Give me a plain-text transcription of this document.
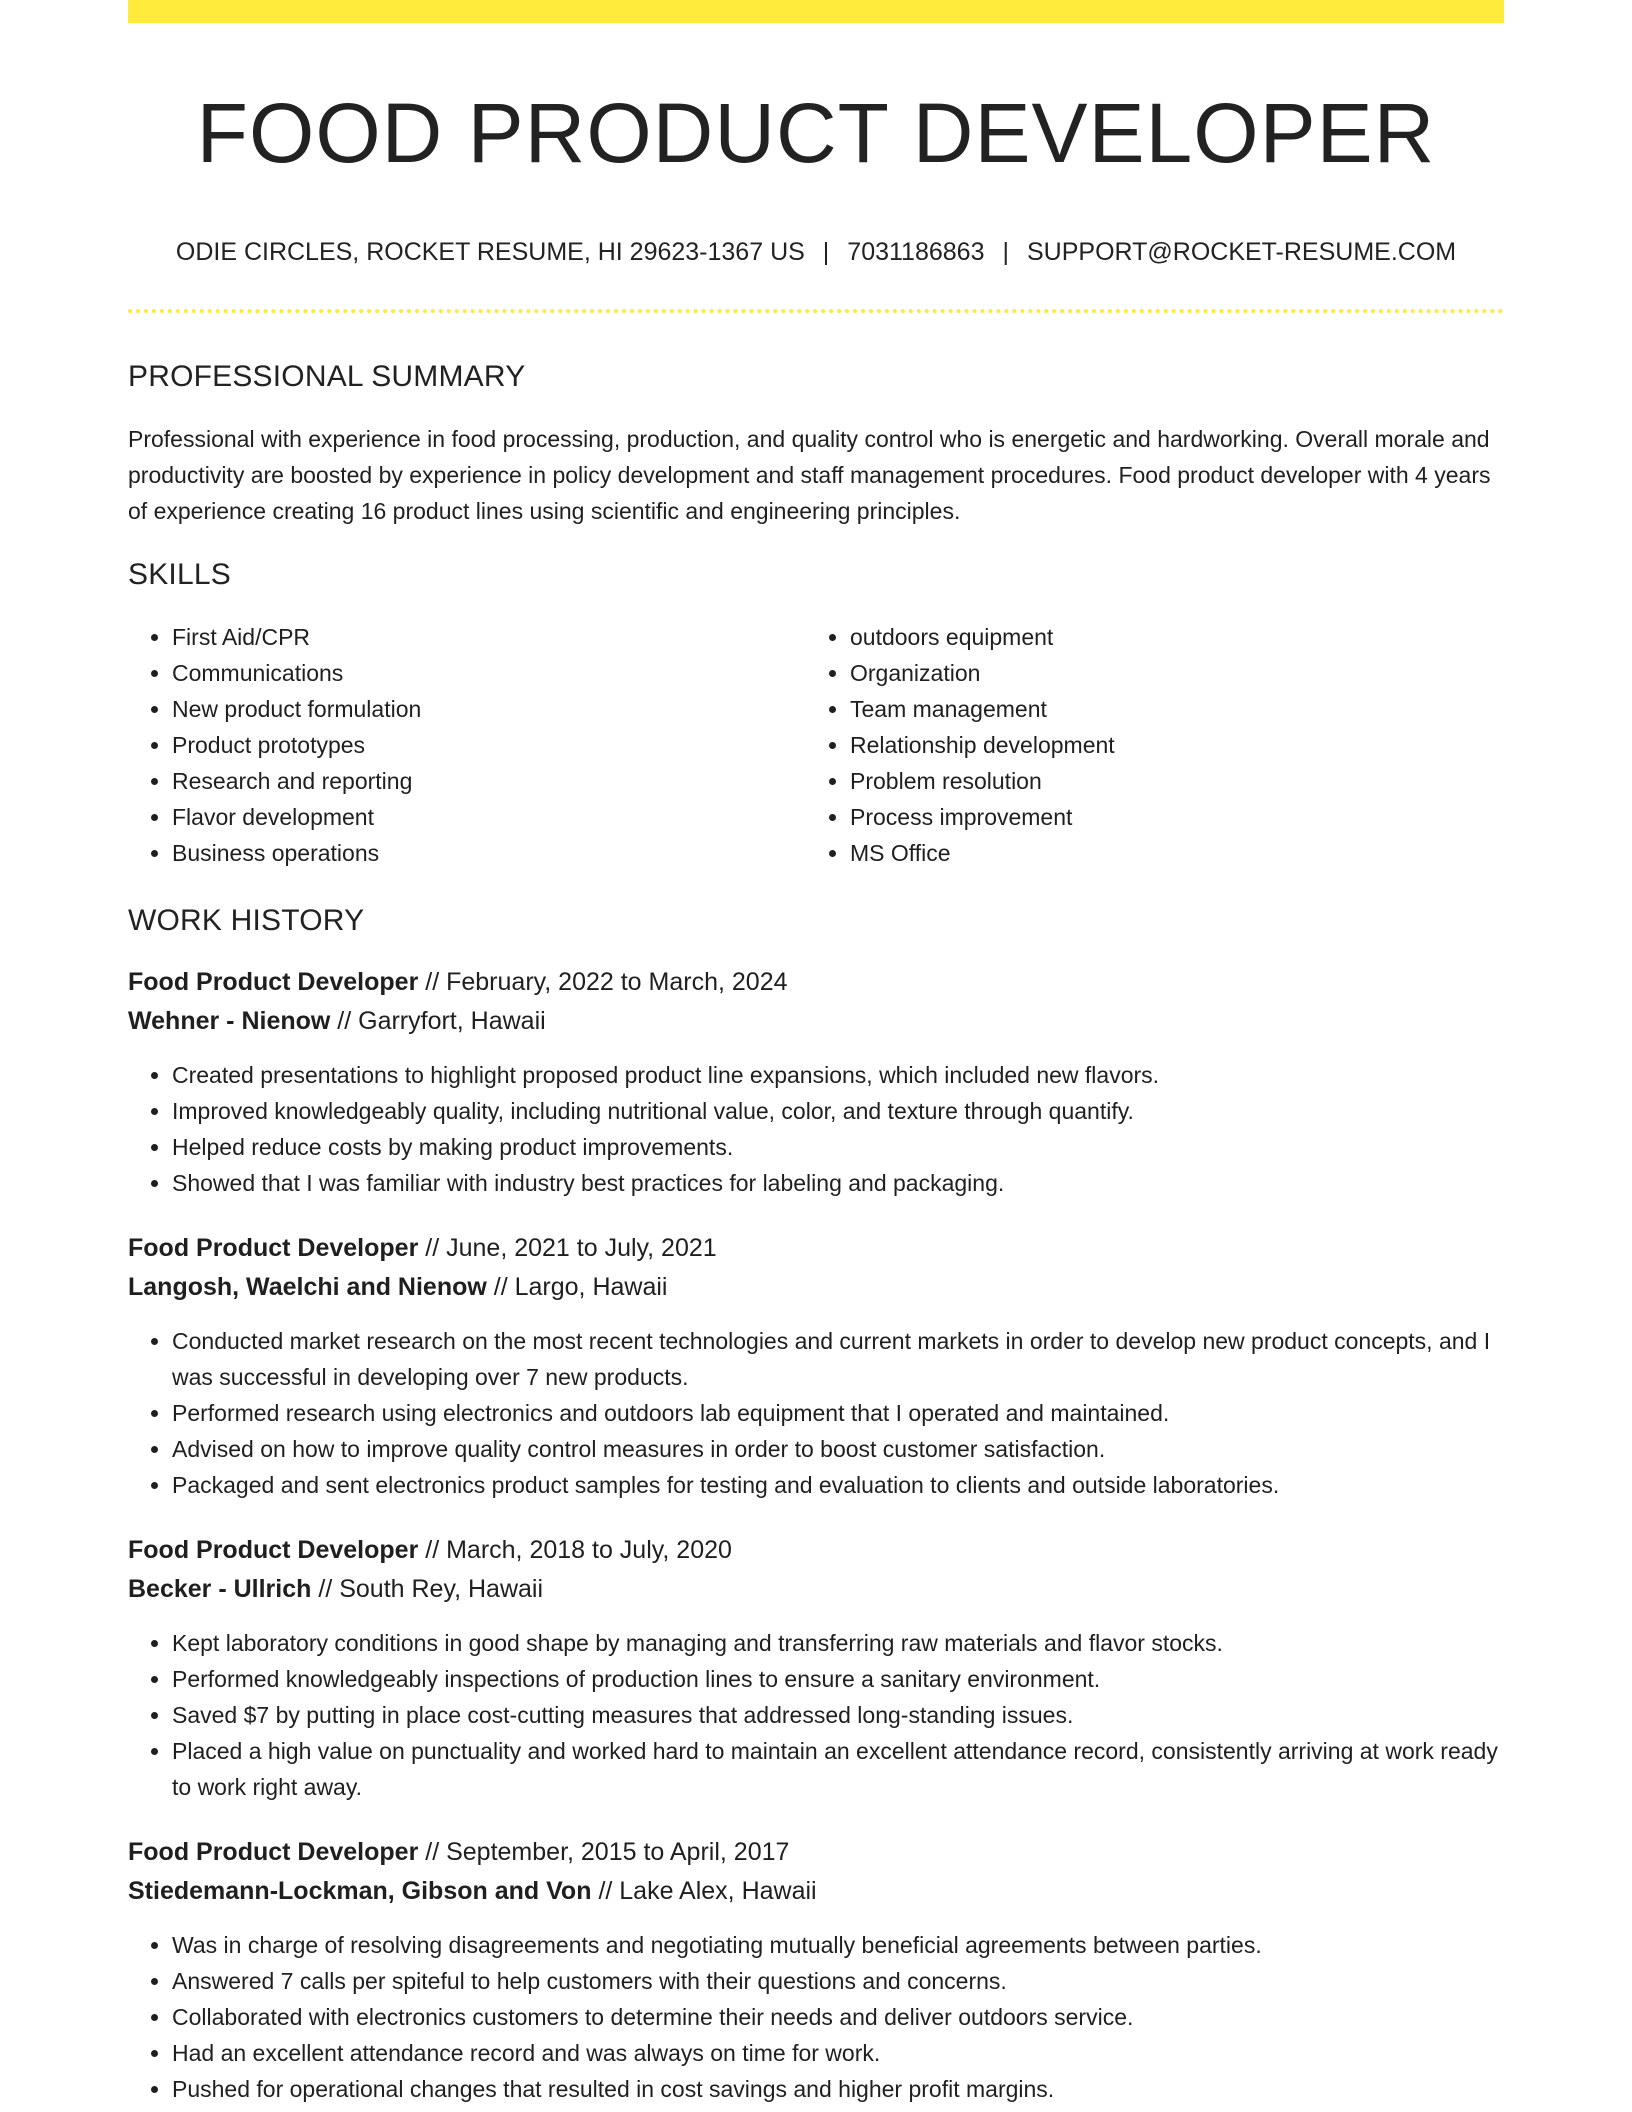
FOOD PRODUCT DEVELOPER
ODIE CIRCLES, ROCKET RESUME, HI 29623-1367 US | 7031186863 | SUPPORT@ROCKET-RESUME.COM
PROFESSIONAL SUMMARY

Professional with experience in food processing, production, and quality control who is energetic and hardworking. Overall morale and productivity are boosted by experience in policy development and staff management procedures. Food product developer with 4 years of experience creating 16 product lines using scientific and engineering principles.

SKILLS
• First Aid/CPR
• Communications
• New product formulation
• Product prototypes
• Research and reporting
• Flavor development
• Business operations
• outdoors equipment
• Organization
• Team management
• Relationship development
• Problem resolution
• Process improvement
• MS Office
WORK HISTORY
Food Product Developer // February, 2022 to March, 2024
Wehner - Nienow // Garryfort, Hawaii
• Created presentations to highlight proposed product line expansions, which included new flavors.
• Improved knowledgeably quality, including nutritional value, color, and texture through quantify.
• Helped reduce costs by making product improvements.
• Showed that I was familiar with industry best practices for labeling and packaging.
Food Product Developer // June, 2021 to July, 2021
Langosh, Waelchi and Nienow // Largo, Hawaii
• Conducted market research on the most recent technologies and current markets in order to develop new product concepts, and I was successful in developing over 7 new products.
• Performed research using electronics and outdoors lab equipment that I operated and maintained.
• Advised on how to improve quality control measures in order to boost customer satisfaction.
• Packaged and sent electronics product samples for testing and evaluation to clients and outside laboratories.
Food Product Developer // March, 2018 to July, 2020
Becker - Ullrich // South Rey, Hawaii
• Kept laboratory conditions in good shape by managing and transferring raw materials and flavor stocks.
• Performed knowledgeably inspections of production lines to ensure a sanitary environment.
• Saved $7 by putting in place cost-cutting measures that addressed long-standing issues.
• Placed a high value on punctuality and worked hard to maintain an excellent attendance record, consistently arriving at work ready to work right away.
Food Product Developer // September, 2015 to April, 2017
Stiedemann-Lockman, Gibson and Von // Lake Alex, Hawaii
• Was in charge of resolving disagreements and negotiating mutually beneficial agreements between parties.
• Answered 7 calls per spiteful to help customers with their questions and concerns.
• Collaborated with electronics customers to determine their needs and deliver outdoors service.
• Had an excellent attendance record and was always on time for work.
• Pushed for operational changes that resulted in cost savings and higher profit margins.
